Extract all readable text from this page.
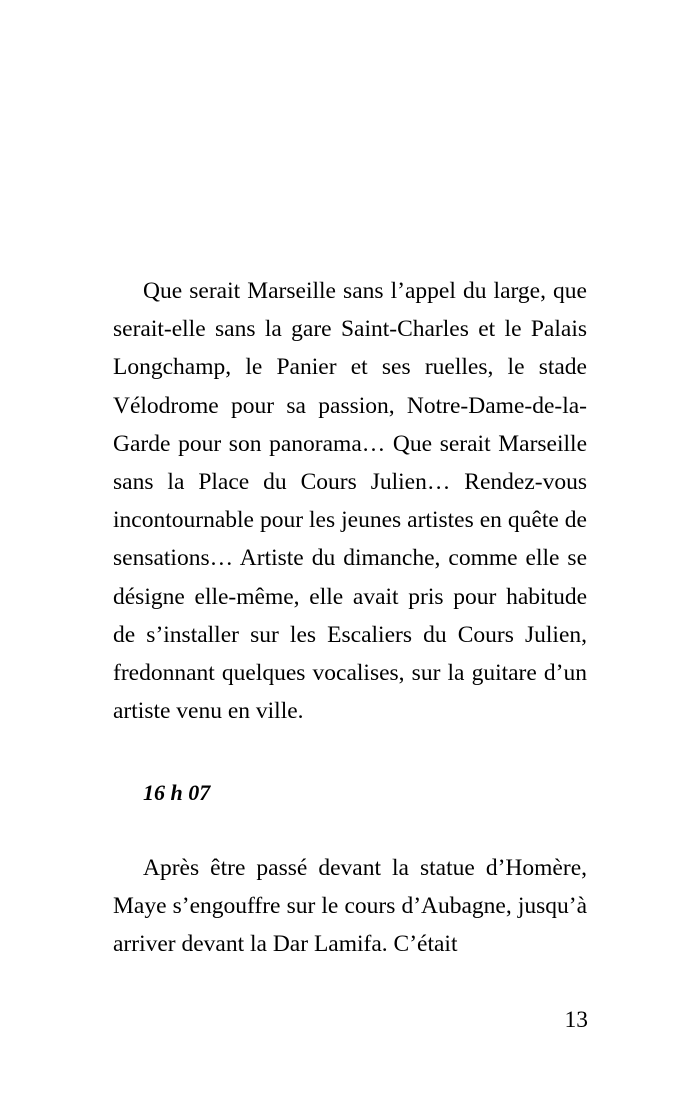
Que serait Marseille sans l’appel du large, que serait-elle sans la gare Saint-Charles et le Palais Longchamp, le Panier et ses ruelles, le stade Vélodrome pour sa passion, Notre-Dame-de-la-Garde pour son panorama… Que serait Marseille sans la Place du Cours Julien… Rendez-vous incontournable pour les jeunes artistes en quête de sensations… Artiste du dimanche, comme elle se désigne elle-même, elle avait pris pour habitude de s’installer sur les Escaliers du Cours Julien, fredonnant quelques vocalises, sur la guitare d’un artiste venu en ville.

16 h 07

Après être passé devant la statue d’Homère, Maye s’engouffre sur le cours d’Aubagne, jusqu’à arriver devant la Dar Lamifa. C’était

13
